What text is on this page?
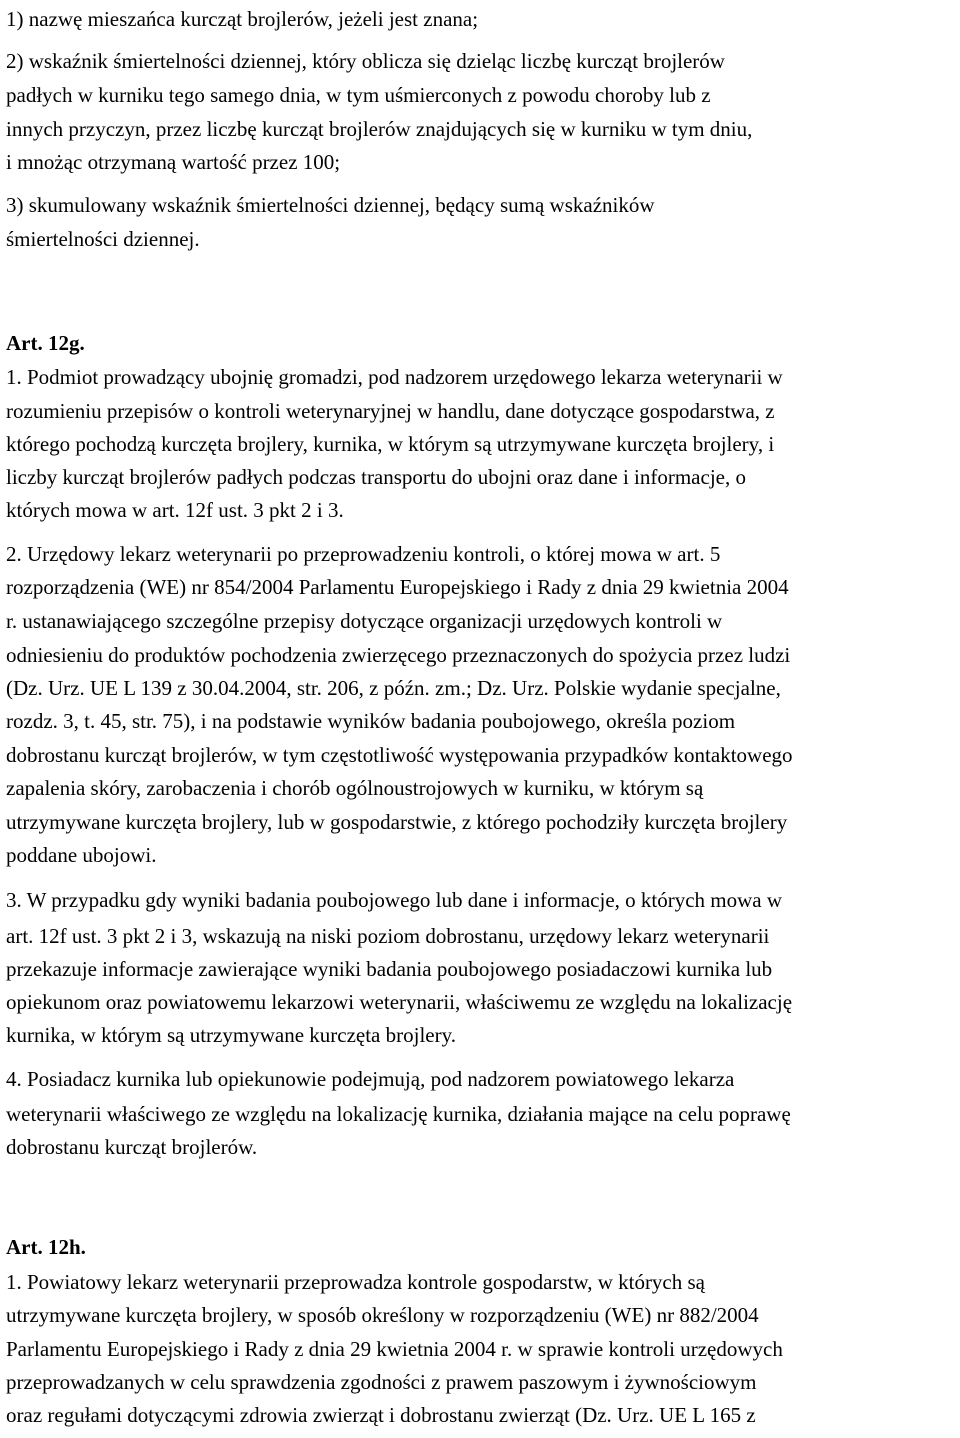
1) nazwę mieszańca kurcząt brojlerów, jeżeli jest znana;

2) wskaźnik śmiertelności dziennej, który oblicza się dzieląc liczbę kurcząt brojlerów

padłych w kurniku tego samego dnia, w tym uśmierconych z powodu choroby lub z

innych przyczyn, przez liczbę kurcząt brojlerów znajdujących się w kurniku w tym dniu,

i mnożąc otrzymaną wartość przez 100;

3) skumulowany wskaźnik śmiertelności dziennej, będący sumą wskaźników

śmiertelności dziennej.

Art. 12g.

1. Podmiot prowadzący ubojnię gromadzi, pod nadzorem urzędowego lekarza weterynarii w

rozumieniu przepisów o kontroli weterynaryjnej w handlu, dane dotyczące gospodarstwa, z

którego pochodzą kurczęta brojlery, kurnika, w którym są utrzymywane kurczęta brojlery, i

liczby kurcząt brojlerów padłych podczas transportu do ubojni oraz dane i informacje, o

których mowa w art. 12f ust. 3 pkt 2 i 3.

2. Urzędowy lekarz weterynarii po przeprowadzeniu kontroli, o której mowa w art. 5

rozporządzenia (WE) nr 854/2004 Parlamentu Europejskiego i Rady z dnia 29 kwietnia 2004

r. ustanawiającego szczególne przepisy dotyczące organizacji urzędowych kontroli w

odniesieniu do produktów pochodzenia zwierzęcego przeznaczonych do spożycia przez ludzi

(Dz. Urz. UE L 139 z 30.04.2004, str. 206, z późn. zm.; Dz. Urz. Polskie wydanie specjalne,

rozdz. 3, t. 45, str. 75), i na podstawie wyników badania poubojowego, określa poziom

dobrostanu kurcząt brojlerów, w tym częstotliwość występowania przypadków kontaktowego

zapalenia skóry, zarobaczenia i chorób ogólnoustrojowych w kurniku, w którym są

utrzymywane kurczęta brojlery, lub w gospodarstwie, z którego pochodziły kurczęta brojlery

poddane ubojowi.

3. W przypadku gdy wyniki badania poubojowego lub dane i informacje, o których mowa w

art. 12f ust. 3 pkt 2 i 3, wskazują na niski poziom dobrostanu, urzędowy lekarz weterynarii

przekazuje informacje zawierające wyniki badania poubojowego posiadaczowi kurnika lub

opiekunom oraz powiatowemu lekarzowi weterynarii, właściwemu ze względu na lokalizację

kurnika, w którym są utrzymywane kurczęta brojlery.

4. Posiadacz kurnika lub opiekunowie podejmują, pod nadzorem powiatowego lekarza

weterynarii właściwego ze względu na lokalizację kurnika, działania mające na celu poprawę

dobrostanu kurcząt brojlerów.

Art. 12h.

1. Powiatowy lekarz weterynarii przeprowadza kontrole gospodarstw, w których są

utrzymywane kurczęta brojlery, w sposób określony w rozporządzeniu (WE) nr 882/2004

Parlamentu Europejskiego i Rady z dnia 29 kwietnia 2004 r. w sprawie kontroli urzędowych

przeprowadzanych w celu sprawdzenia zgodności z prawem paszowym i żywnościowym

oraz regułami dotyczącymi zdrowia zwierząt i dobrostanu zwierząt (Dz. Urz. UE L 165 z
